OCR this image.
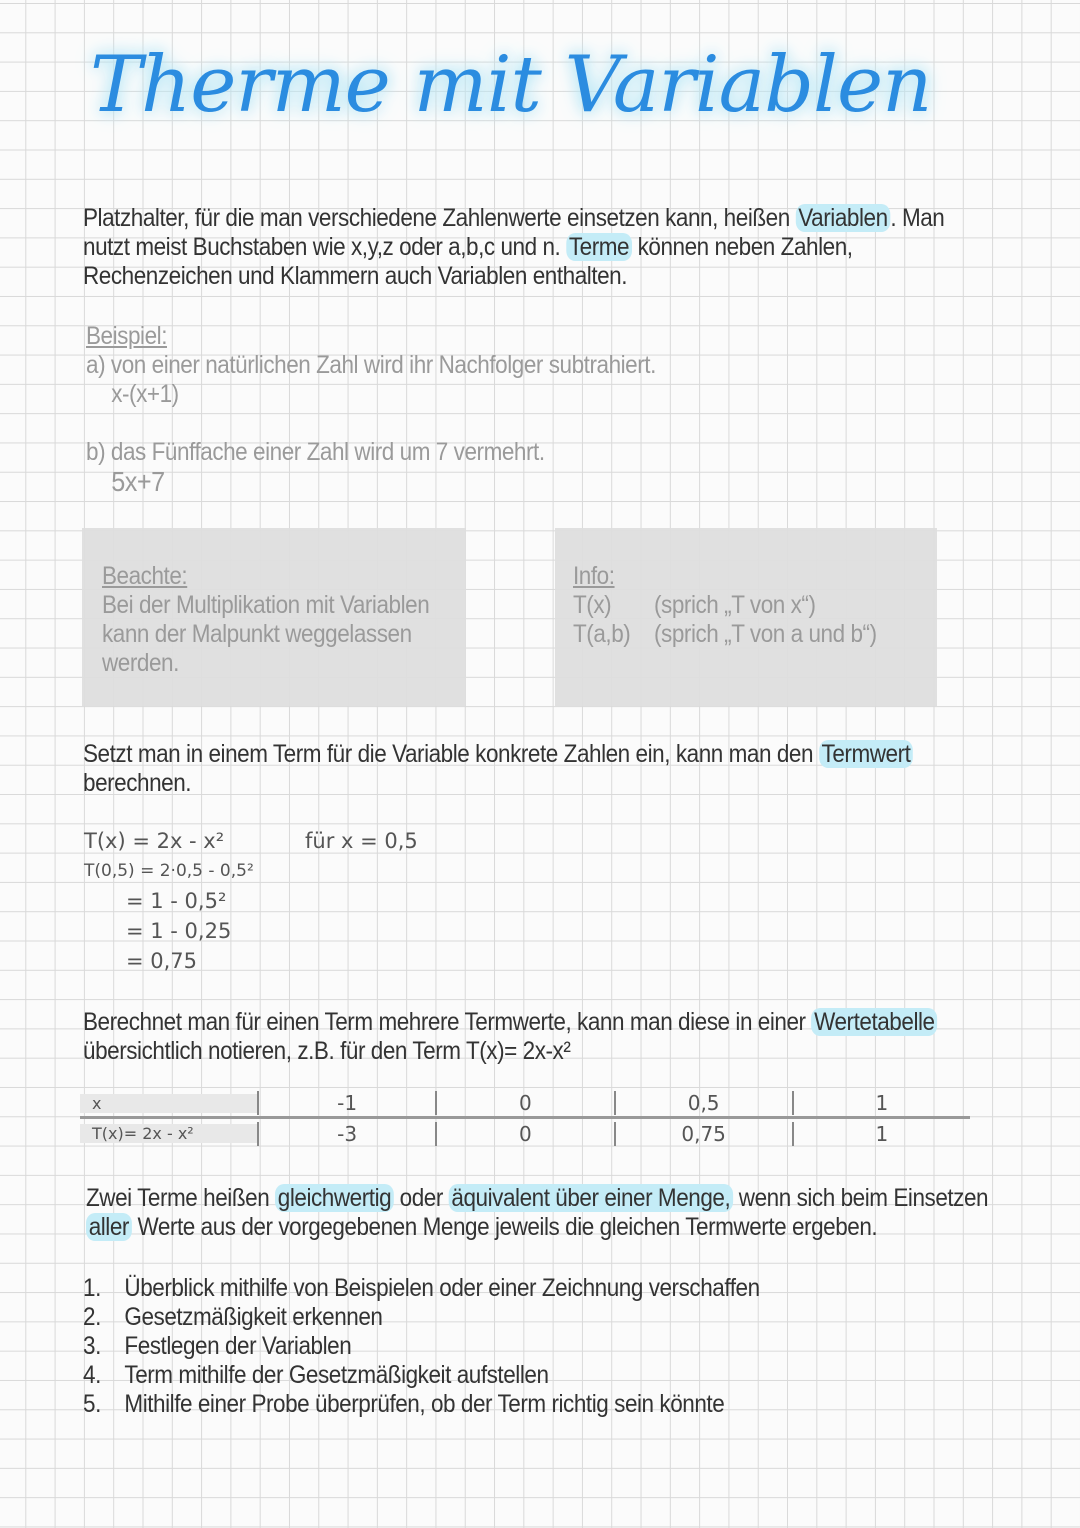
Therme mit Variablen
Platzhalter, für die man verschiedene Zahlenwerte einsetzen kann, heißen Variablen . Man
nutzt meist Buchstaben wie x,y,z oder a,b,c und n. Terme können neben Zahlen,
Rechenzeichen und Klammern auch Variablen enthalten.
Beispiel:
a) von einer natürlichen Zahl wird ihr Nachfolger subtrahiert.
x-(x+1)
b) das Fünffache einer Zahl wird um 7 vermehrt.
5x+7
Beachte:
Bei der Multiplikation mit Variablen
kann der Malpunkt weggelassen
werden.
Info:
T(x) (sprich „T von x“)
T(a,b) (sprich „T von a und b“)
Setzt man in einem Term für die Variable konkrete Zahlen ein, kann man den Termwert
berechnen.
T(x) = 2x - x²
T(0,5) = 2·0,5 - 0,5²
= 1 - 0,5²
= 1 - 0,25
= 0,75
für x = 0,5
Berechnet man für einen Term mehrere Termwerte, kann man diese in einer Wertetabelle
übersichtlich notieren, z.B. für den Term T(x)= 2x-x²
x	-1	0	0,5	1
T(x)= 2x - x²	-3	0	0,75	1
Zwei Terme heißen gleichwertig oder äquivalent über einer Menge, wenn sich beim Einsetzen
aller Werte aus der vorgegebenen Menge jeweils die gleichen Termwerte ergeben.
1. Überblick mithilfe von Beispielen oder einer Zeichnung verschaffen
2. Gesetzmäßigkeit erkennen
3. Festlegen der Variablen
4. Term mithilfe der Gesetzmäßigkeit aufstellen
5. Mithilfe einer Probe überprüfen, ob der Term richtig sein könnte
